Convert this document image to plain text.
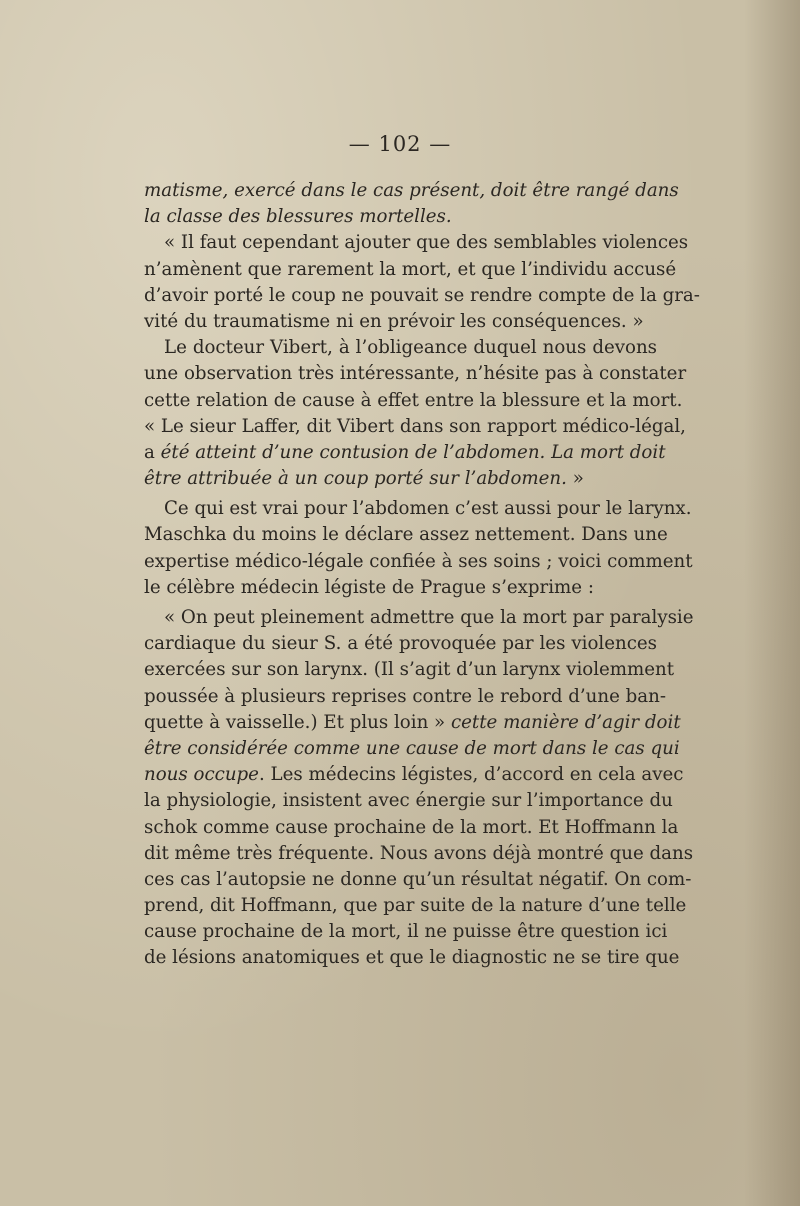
— 102 —
matisme, exercé dans le cas présent, doit être rangé dans
la classe des blessures mortelles.
« Il faut cependant ajouter que des semblables violences
n’amènent que rarement la mort, et que l’individu accusé
d’avoir porté le coup ne pouvait se rendre compte de la gra-
vité du traumatisme ni en prévoir les conséquences. »
Le docteur Vibert, à l’obligeance duquel nous devons
une observation très intéressante, n’hésite pas à constater
cette relation de cause à effet entre la blessure et la mort.
« Le sieur Laffer, dit Vibert dans son rapport médico-légal,
a été atteint d’une contusion de l’abdomen. La mort doit
être attribuée à un coup porté sur l’abdomen. »
Ce qui est vrai pour l’abdomen c’est aussi pour le larynx.
Maschka du moins le déclare assez nettement. Dans une
expertise médico-légale confiée à ses soins ; voici comment
le célèbre médecin légiste de Prague s’exprime :
« On peut pleinement admettre que la mort par paralysie
cardiaque du sieur S. a été provoquée par les violences
exercées sur son larynx. (Il s’agit d’un larynx violemment
poussée à plusieurs reprises contre le rebord d’une ban-
quette à vaisselle.) Et plus loin » cette manière d’agir doit
être considérée comme une cause de mort dans le cas qui
nous occupe. Les médecins légistes, d’accord en cela avec
la physiologie, insistent avec énergie sur l’importance du
schok comme cause prochaine de la mort. Et Hoffmann la
dit même très fréquente. Nous avons déjà montré que dans
ces cas l’autopsie ne donne qu’un résultat négatif. On com-
prend, dit Hoffmann, que par suite de la nature d’une telle
cause prochaine de la mort, il ne puisse être question ici
de lésions anatomiques et que le diagnostic ne se tire que
